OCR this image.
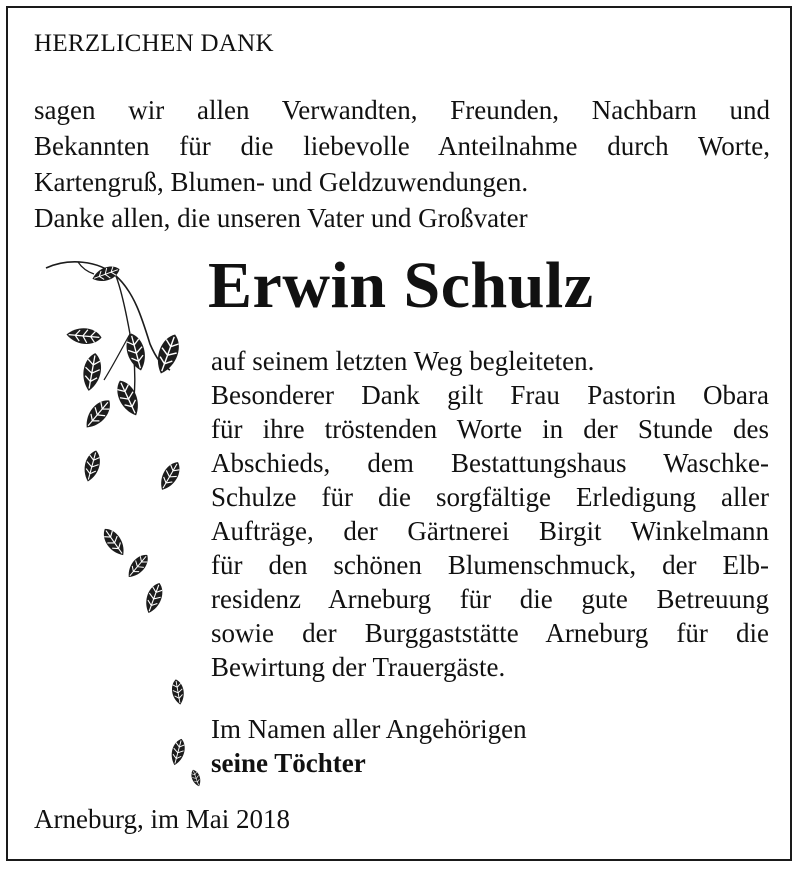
HERZLICHEN DANK
sagen wir allen Verwandten, Freunden, Nachbarn und
Bekannten für die liebevolle Anteilnahme durch Worte,
Kartengruß, Blumen- und Geldzuwendungen.
Danke allen, die unseren Vater und Großvater
Erwin Schulz
auf seinem letzten Weg begleiteten.
Besonderer Dank gilt Frau Pastorin Obara
für ihre tröstenden Worte in der Stunde des
Abschieds, dem Bestattungshaus Waschke-
Schulze für die sorgfältige Erledigung aller
Aufträge, der Gärtnerei Birgit Winkelmann
für den schönen Blumenschmuck, der Elb-
residenz Arneburg für die gute Betreuung
sowie der Burggaststätte Arneburg für die
Bewirtung der Trauergäste.
Im Namen aller Angehörigen
seine Töchter
Arneburg, im Mai 2018
